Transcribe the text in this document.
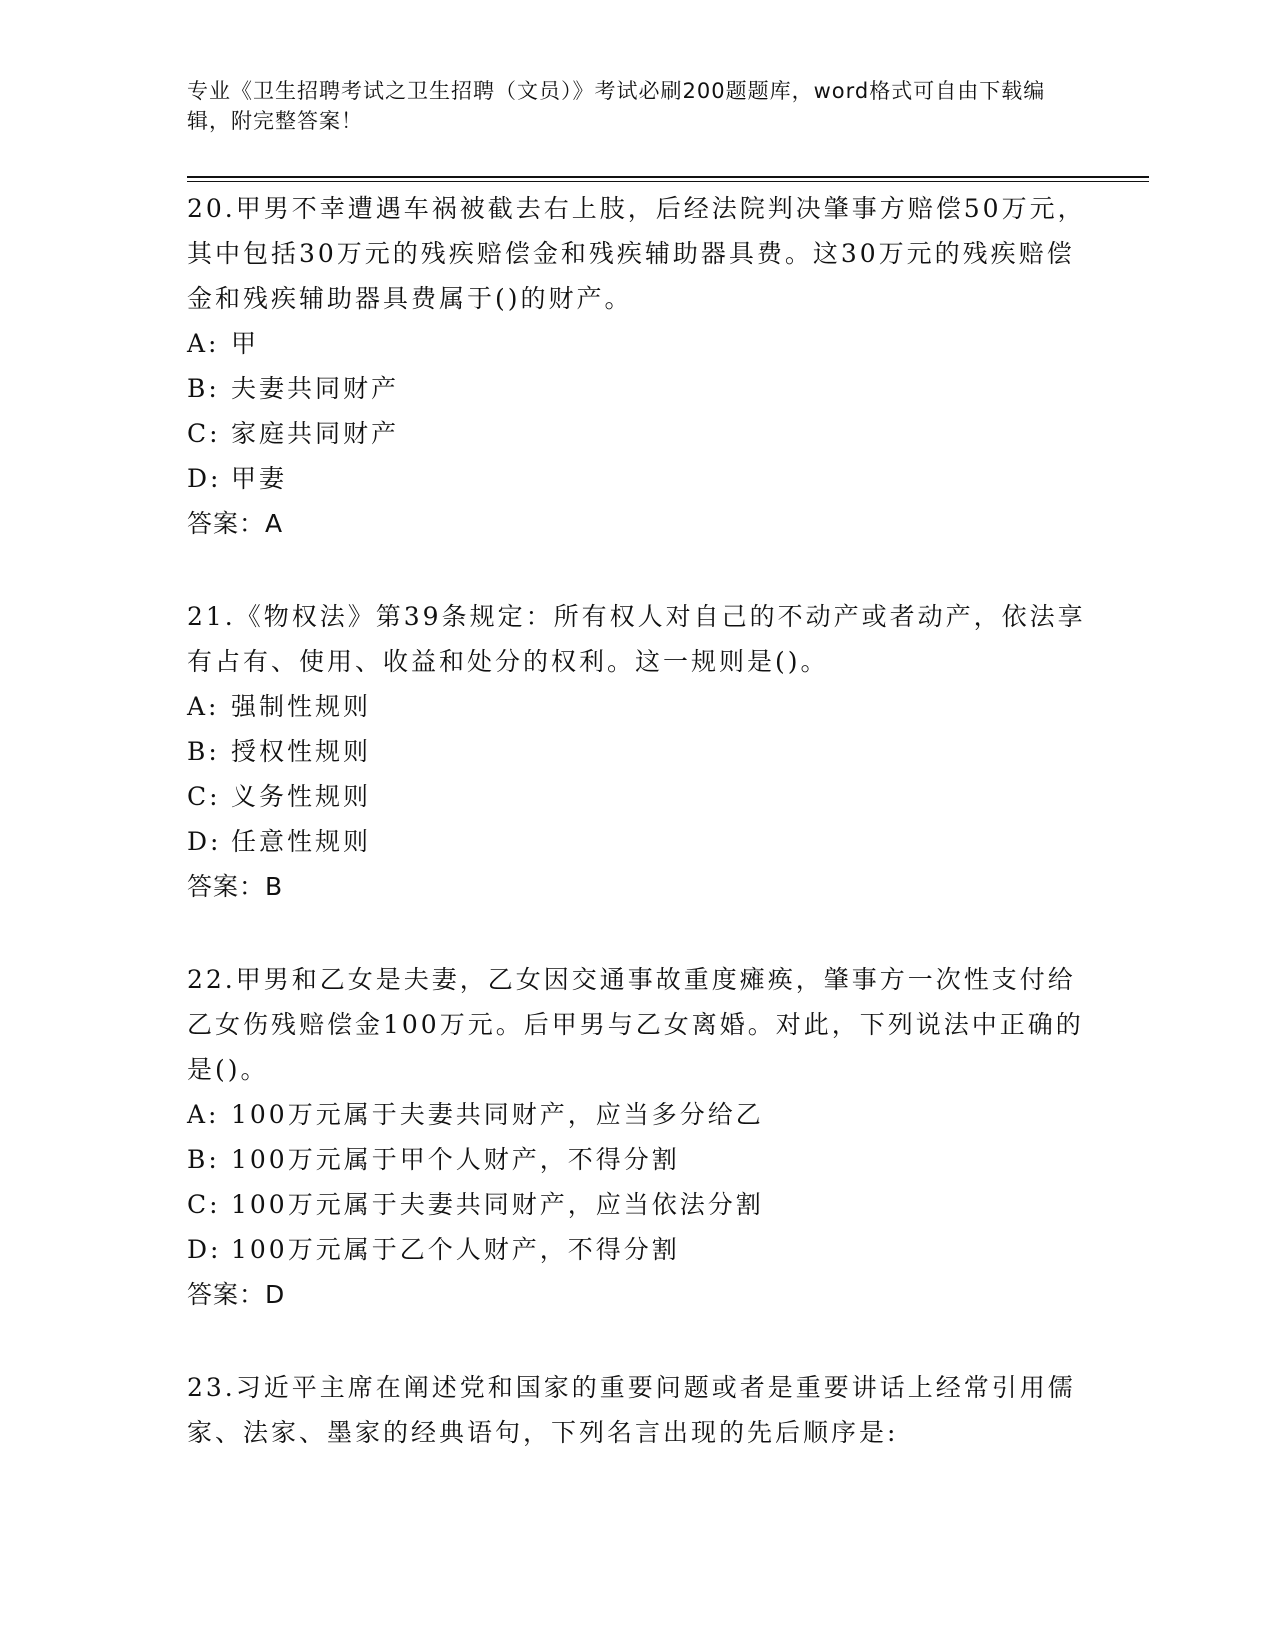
专业《卫生招聘考试之卫生招聘（文员）》考试必刷200题题库，word格式可自由下载编辑，附完整答案！

20.甲男不幸遭遇车祸被截去右上肢，后经法院判决肇事方赔偿50万元，其中包括30万元的残疾赔偿金和残疾辅助器具费。这30万元的残疾赔偿金和残疾辅助器具费属于()的财产。

A: 甲

B: 夫妻共同财产

C: 家庭共同财产

D: 甲妻

答案：A

21.《物权法》第39条规定：所有权人对自己的不动产或者动产，依法享有占有、使用、收益和处分的权利。这一规则是()。

A: 强制性规则

B: 授权性规则

C: 义务性规则

D: 任意性规则

答案：B

22.甲男和乙女是夫妻，乙女因交通事故重度瘫痪，肇事方一次性支付给乙女伤残赔偿金100万元。后甲男与乙女离婚。对此，下列说法中正确的是()。

A: 100万元属于夫妻共同财产，应当多分给乙

B: 100万元属于甲个人财产，不得分割

C: 100万元属于夫妻共同财产，应当依法分割

D: 100万元属于乙个人财产，不得分割

答案：D

23.习近平主席在阐述党和国家的重要问题或者是重要讲话上经常引用儒家、法家、墨家的经典语句，下列名言出现的先后顺序是:
